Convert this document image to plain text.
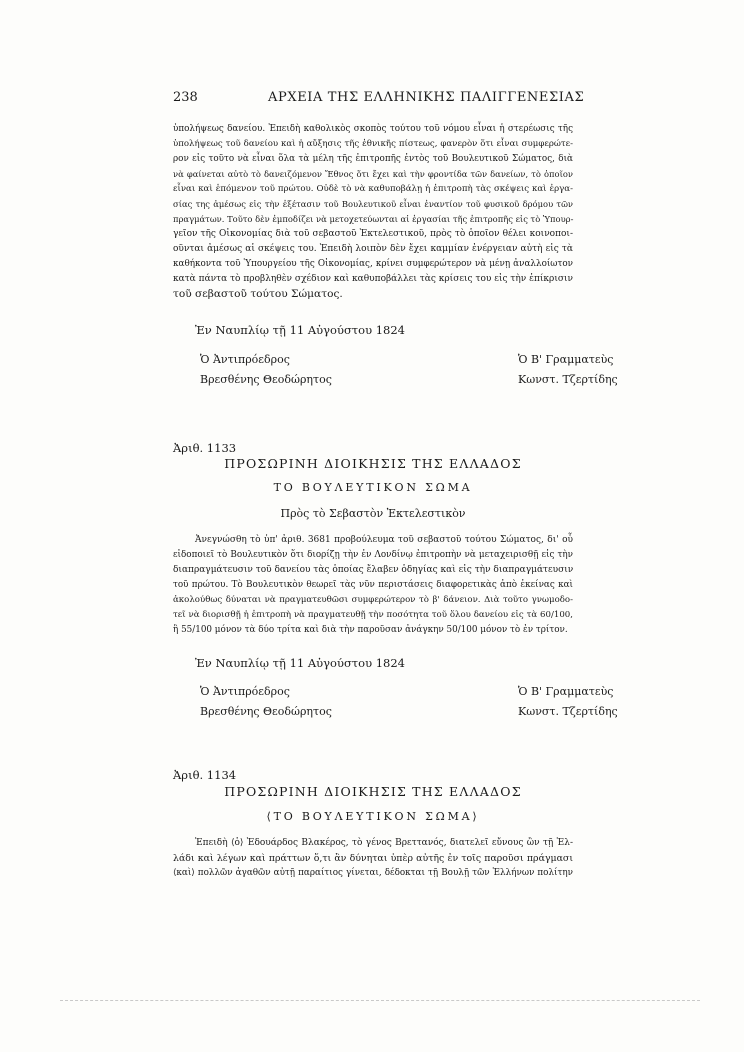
238	ΑΡΧΕΙΑ ΤΗΣ ΕΛΛΗΝΙΚΗΣ ΠΑΛΙΓΓΕΝΕΣΙΑΣ
ὑπολήψεως δανείου. Ἐπειδὴ καθολικὸς σκοπὸς τούτου τοῦ νόμου εἶναι ἡ στερέωσις τῆς
ὑπολήψεως τοῦ δανείου καὶ ἡ αὔξησις τῆς ἐθνικῆς πίστεως, φανερὸν ὅτι εἶναι συμφερώτε-
ρον εἰς τοῦτο νὰ εἶναι ὅλα τὰ μέλη τῆς ἐπιτροπῆς ἐντὸς τοῦ Βουλευτικοῦ Σώματος, διὰ
νὰ φαίνεται αὐτὸ τὸ δανειζόμενον Ἔθνος ὅτι ἔχει καὶ τὴν φροντίδα τῶν δανείων, τὸ ὁποῖον
εἶναι καὶ ἑπόμενον τοῦ πρώτου. Οὐδὲ τὸ νὰ καθυποβάλῃ ἡ ἐπιτροπὴ τὰς σκέψεις καὶ ἐργα-
σίας της ἀμέσως εἰς τὴν ἐξέτασιν τοῦ Βουλευτικοῦ εἶναι ἐναντίον τοῦ φυσικοῦ δρόμου τῶν
πραγμάτων. Τοῦτο δὲν ἐμποδίζει νὰ μετοχετεύωνται αἱ ἐργασίαι τῆς ἐπιτροπῆς εἰς τὸ Ὑπουρ-
γεῖον τῆς Οἰκονομίας διὰ τοῦ σεβαστοῦ Ἐκτελεστικοῦ, πρὸς τὸ ὁποῖον θέλει κοινοποι-
οῦνται ἀμέσως αἱ σκέψεις του. Ἐπειδὴ λοιπὸν δὲν ἔχει καμμίαν ἐνέργειαν αὐτὴ εἰς τὰ
καθήκοντα τοῦ Ὑπουργείου τῆς Οἰκονομίας, κρίνει συμφερώτερον νὰ μένῃ ἀναλλοίωτον
κατὰ πάντα τὸ προβληθὲν σχέδιον καὶ καθυποβάλλει τὰς κρίσεις του εἰς τὴν ἐπίκρισιν
τοῦ σεβαστοῦ τούτου Σώματος.
Ἐν Ναυπλίῳ τῇ 11 Αὐγούστου 1824
Ὁ Ἀντιπρόεδρος
Βρεσθένης Θεοδώρητος
Ὁ Β' Γραμματεὺς
Κωνστ. Τζερτίδης
Ἀριθ. 1133
ΠΡΟΣΩΡΙΝΗ ΔΙΟΙΚΗΣΙΣ ΤΗΣ ΕΛΛΑΔΟΣ
ΤΟ ΒΟΥΛΕΥΤΙΚΟΝ ΣΩΜΑ
Πρὸς τὸ Σεβαστὸν Ἐκτελεστικὸν
Ἀνεγνώσθη τὸ ὑπ' ἀριθ. 3681 προβούλευμα τοῦ σεβαστοῦ τούτου Σώματος, δι' οὗ
εἰδοποιεῖ τὸ Βουλευτικὸν ὅτι διορίζῃ τὴν ἐν Λονδίνῳ ἐπιτροπὴν νὰ μεταχειρισθῇ εἰς τὴν
διαπραγμάτευσιν τοῦ δανείου τὰς ὁποίας ἔλαβεν ὁδηγίας καὶ εἰς τὴν διαπραγμάτευσιν
τοῦ πρώτου. Τὸ Βουλευτικὸν θεωρεῖ τὰς νῦν περιστάσεις διαφορετικὰς ἀπὸ ἐκείνας καὶ
ἀκολούθως δύναται νὰ πραγματευθῶσι συμφερώτερον τὸ β' δάνειον. Διὰ τοῦτο γνωμοδο-
τεῖ νὰ διορισθῇ ἡ ἐπιτροπὴ νὰ πραγματευθῇ τὴν ποσότητα τοῦ ὅλου δανείου εἰς τὰ 60/100,
ἢ 55/100 μόνον τὰ δύο τρίτα καὶ διὰ τὴν παροῦσαν ἀνάγκην 50/100 μόνον τὸ ἐν τρίτον.
Ἐν Ναυπλίῳ τῇ 11 Αὐγούστου 1824
Ὁ Ἀντιπρόεδρος
Βρεσθένης Θεοδώρητος
Ὁ Β' Γραμματεὺς
Κωνστ. Τζερτίδης
Ἀριθ. 1134
ΠΡΟΣΩΡΙΝΗ ΔΙΟΙΚΗΣΙΣ ΤΗΣ ΕΛΛΑΔΟΣ
⟨ΤΟ ΒΟΥΛΕΥΤΙΚΟΝ ΣΩΜΑ⟩
Ἐπειδὴ ⟨ὁ⟩ Ἐδουάρδος Βλακέρος, τὸ γένος Βρεττανός, διατελεῖ εὔνους ὢν τῇ Ἑλ-
λάδι καὶ λέγων καὶ πράττων ὅ,τι ἂν δύνηται ὑπὲρ αὐτῆς ἐν τοῖς παροῦσι πράγμασι
⟨καὶ⟩ πολλῶν ἀγαθῶν αὐτῇ παραίτιος γίνεται, δέδοκται τῇ Βουλῇ τῶν Ἑλλήνων πολίτην
